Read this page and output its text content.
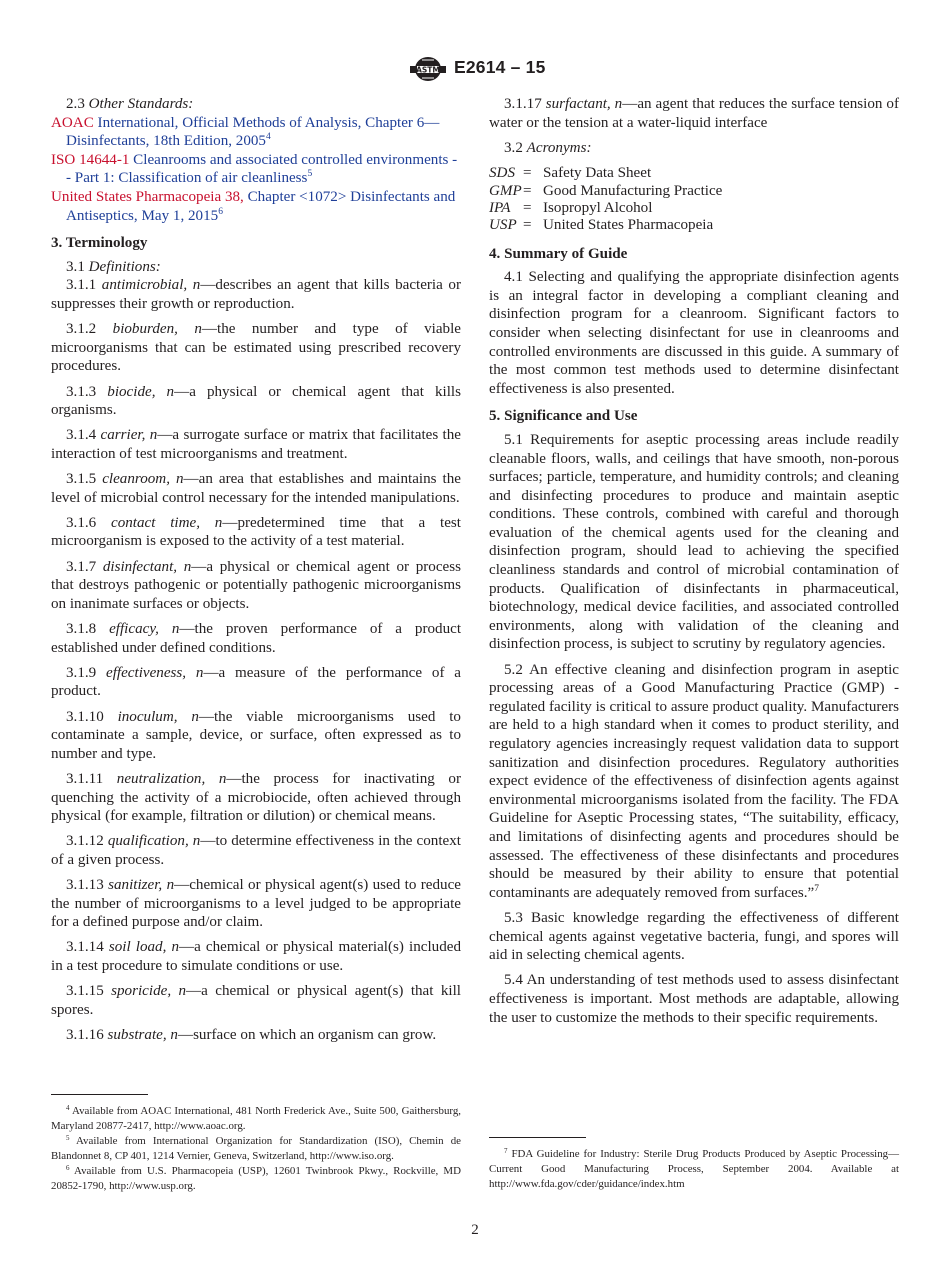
ASTM E2614 – 15

2.3 Other Standards:

AOAC International, Official Methods of Analysis, Chapter 6—Disinfectants, 18th Edition, 2005$^4$

ISO 14644-1 Cleanrooms and associated controlled environments -- Part 1: Classification of air cleanliness$^5$

United States Pharmacopeia 38, Chapter <1072> Disinfectants and Antiseptics, May 1, 2015$^6$

3. Terminology

3.1 Definitions:

3.1.1 antimicrobial, n—describes an agent that kills bacteria or suppresses their growth or reproduction.

3.1.2 bioburden, n—the number and type of viable microorganisms that can be estimated using prescribed recovery procedures.

3.1.3 biocide, n—a physical or chemical agent that kills organisms.

3.1.4 carrier, n—a surrogate surface or matrix that facilitates the interaction of test microorganisms and treatment.

3.1.5 cleanroom, n—an area that establishes and maintains the level of microbial control necessary for the intended manipulations.

3.1.6 contact time, n—predetermined time that a test microorganism is exposed to the activity of a test material.

3.1.7 disinfectant, n—a physical or chemical agent or process that destroys pathogenic or potentially pathogenic microorganisms on inanimate surfaces or objects.

3.1.8 efficacy, n—the proven performance of a product established under defined conditions.

3.1.9 effectiveness, n—a measure of the performance of a product.

3.1.10 inoculum, n—the viable microorganisms used to contaminate a sample, device, or surface, often expressed as to number and type.

3.1.11 neutralization, n—the process for inactivating or quenching the activity of a microbiocide, often achieved through physical (for example, filtration or dilution) or chemical means.

3.1.12 qualification, n—to determine effectiveness in the context of a given process.

3.1.13 sanitizer, n—chemical or physical agent(s) used to reduce the number of microorganisms to a level judged to be appropriate for a defined purpose and/or claim.

3.1.14 soil load, n—a chemical or physical material(s) included in a test procedure to simulate conditions or use.

3.1.15 sporicide, n—a chemical or physical agent(s) that kill spores.

3.1.16 substrate, n—surface on which an organism can grow.

$^4$ Available from AOAC International, 481 North Frederick Ave., Suite 500, Gaithersburg, Maryland 20877-2417, http://www.aoac.org.

$^5$ Available from International Organization for Standardization (ISO), Chemin de Blandonnet 8, CP 401, 1214 Vernier, Geneva, Switzerland, http://www.iso.org.

$^6$ Available from U.S. Pharmacopeia (USP), 12601 Twinbrook Pkwy., Rockville, MD 20852-1790, http://www.usp.org.

3.1.17 surfactant, n—an agent that reduces the surface tension of water or the tension at a water-liquid interface

3.2 Acronyms:

SDS	=	Safety Data Sheet
GMP	=	Good Manufacturing Practice
IPA	=	Isopropyl Alcohol
USP	=	United States Pharmacopeia
4. Summary of Guide

4.1 Selecting and qualifying the appropriate disinfection agents is an integral factor in developing a compliant cleaning and disinfection program for a cleanroom. Significant factors to consider when selecting disinfectant for use in cleanrooms and controlled environments are discussed in this guide. A summary of the most common test methods used to determine disinfectant effectiveness is also presented.

5. Significance and Use

5.1 Requirements for aseptic processing areas include readily cleanable floors, walls, and ceilings that have smooth, non-porous surfaces; particle, temperature, and humidity controls; and cleaning and disinfecting procedures to produce and maintain aseptic conditions. These controls, combined with careful and thorough evaluation of the chemical agents used for the cleaning and disinfection program, should lead to achieving the specified cleanliness standards and control of microbial contamination of products. Qualification of disinfectants in pharmaceutical, biotechnology, medical device facilities, and associated controlled environments, along with validation of the cleaning and disinfection process, is subject to scrutiny by regulatory agencies.

5.2 An effective cleaning and disinfection program in aseptic processing areas of a Good Manufacturing Practice (GMP) - regulated facility is critical to assure product quality. Manufacturers are held to a high standard when it comes to product sterility, and regulatory agencies increasingly request validation data to support sanitization and disinfection procedures. Regulatory authorities expect evidence of the effectiveness of disinfection agents against environmental microorganisms isolated from the facility. The FDA Guideline for Aseptic Processing states, “The suitability, efficacy, and limitations of disinfecting agents and procedures should be assessed. The effectiveness of these disinfectants and procedures should be measured by their ability to ensure that potential contaminants are adequately removed from surfaces.”$^7$

5.3 Basic knowledge regarding the effectiveness of different chemical agents against vegetative bacteria, fungi, and spores will aid in selecting chemical agents.

5.4 An understanding of test methods used to assess disinfectant effectiveness is important. Most methods are adaptable, allowing the user to customize the methods to their specific requirements.

$^7$ FDA Guideline for Industry: Sterile Drug Products Produced by Aseptic Processing—Current Good Manufacturing Process, September 2004. Available at http://www.fda.gov/cder/guidance/index.htm

2
